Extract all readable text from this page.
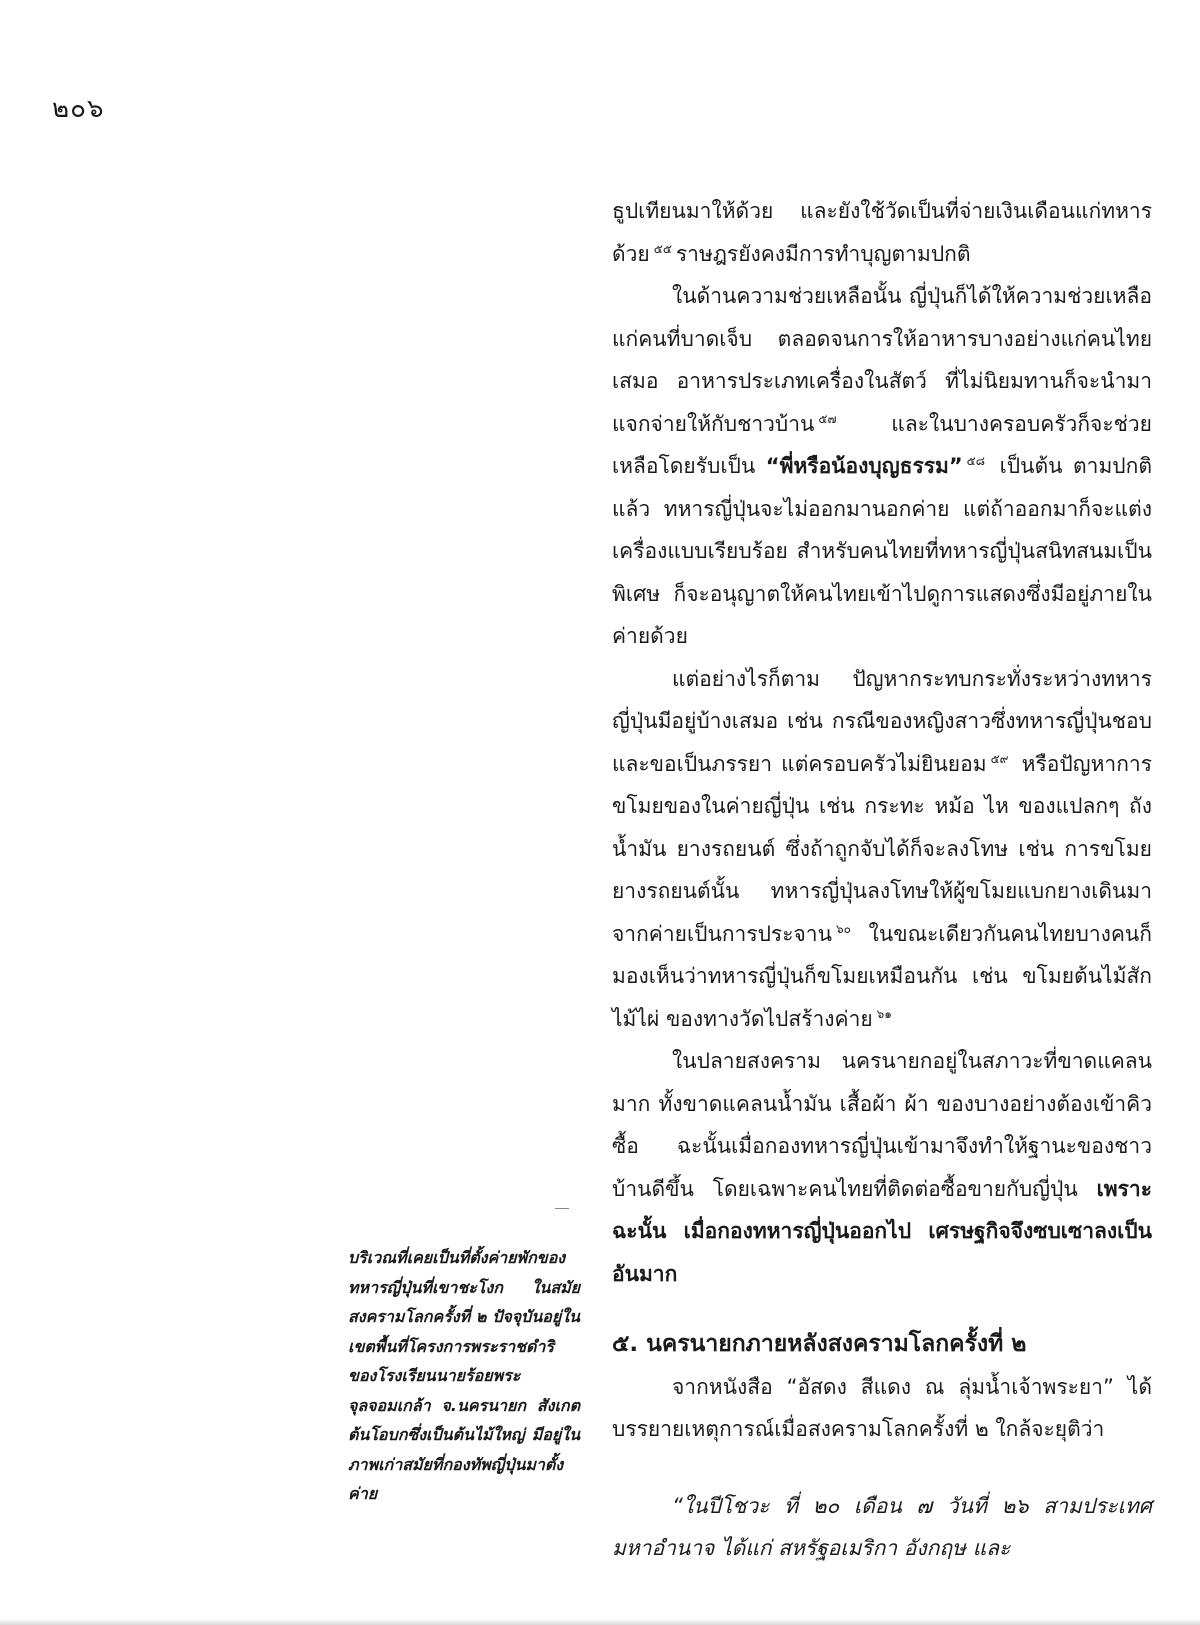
๒๐๖

ธูปเทียนมาให้ด้วย และยังใช้วัดเป็นที่จ่ายเงินเดือนแก่ทหาร ด้วย $^{๕๕}$ ราษฎรยังคงมีการทำบุญตามปกติ

ในด้านความช่วยเหลือนั้น ญี่ปุ่นก็ได้ให้ความช่วยเหลือแก่คนที่บาดเจ็บ ตลอดจนการให้อาหารบางอย่างแก่คนไทยเสมอ อาหารประเภทเครื่องในสัตว์ ที่ไม่นิยมทานก็จะนำมาแจกจ่ายให้กับชาวบ้าน $^{๕๗}$	และในบางครอบครัวก็จะช่วยเหลือโดยรับเป็น “พี่หรือน้องบุญธรรม” $^{๕๘}$ เป็นต้น ตามปกติแล้ว ทหารญี่ปุ่นจะไม่ออกมานอกค่าย แต่ถ้าออกมาก็จะแต่งเครื่องแบบเรียบร้อย สำหรับคนไทยที่ทหารญี่ปุ่นสนิทสนมเป็นพิเศษ ก็จะอนุญาตให้คนไทยเข้าไปดูการแสดงซึ่งมีอยู่ภายในค่ายด้วย

แต่อย่างไรก็ตาม ปัญหากระทบกระทั่งระหว่างทหารญี่ปุ่นมีอยู่บ้างเสมอ เช่น กรณีของหญิงสาวซึ่งทหารญี่ปุ่นชอบ และขอเป็นภรรยา แต่ครอบครัวไม่ยินยอม $^{๕๙}$ หรือปัญหาการขโมยของในค่ายญี่ปุ่น เช่น กระทะ หม้อ ไห ของแปลกๆ ถังน้ำมัน ยางรถยนต์ ซึ่งถ้าถูกจับได้ก็จะลงโทษ เช่น การขโมยยางรถยนต์นั้น ทหารญี่ปุ่นลงโทษให้ผู้ขโมยแบกยางเดินมาจากค่ายเป็นการประจาน $^{๖๐}$ ในขณะเดียวกันคนไทยบางคนก็มองเห็นว่าทหารญี่ปุ่นก็ขโมยเหมือนกัน เช่น ขโมยต้นไม้สัก ไม้ไผ่ ของทางวัดไปสร้างค่าย $^{๖๑}$

ในปลายสงคราม นครนายกอยู่ในสภาวะที่ขาดแคลนมาก ทั้งขาดแคลนน้ำมัน เสื้อผ้า ผ้า ของบางอย่างต้องเข้าคิวซื้อ ฉะนั้นเมื่อกองทหารญี่ปุ่นเข้ามาจึงทำให้ฐานะของชาวบ้านดีขึ้น โดยเฉพาะคนไทยที่ติดต่อซื้อขายกับญี่ปุ่น เพราะฉะนั้น เมื่อกองทหารญี่ปุ่นออกไป เศรษฐกิจจึงซบเซาลงเป็นอันมาก

๕. นครนายกภายหลังสงครามโลกครั้งที่ ๒

จากหนังสือ “อัสดง สีแดง ณ ลุ่มน้ำเจ้าพระยา” ได้บรรยายเหตุการณ์เมื่อสงครามโลกครั้งที่ ๒ ใกล้จะยุติว่า

“ในปีโชวะ ที่ ๒๐ เดือน ๗ วันที่ ๒๖ สามประเทศมหาอำนาจ ได้แก่ สหรัฐอเมริกา อังกฤษ และ

บริเวณที่เคยเป็นที่ตั้งค่ายพักของทหารญี่ปุ่นที่เขาชะโงก ในสมัยสงครามโลกครั้งที่ ๒ ปัจจุบันอยู่ในเขตพื้นที่โครงการพระราชดำริ ของโรงเรียนนายร้อยพระจุลจอมเกล้า จ.นครนายก สังเกตต้นโอบกซึ่งเป็นต้นไม้ใหญ่ มีอยู่ในภาพเก่าสมัยที่กองทัพญี่ปุ่นมาตั้งค่าย
